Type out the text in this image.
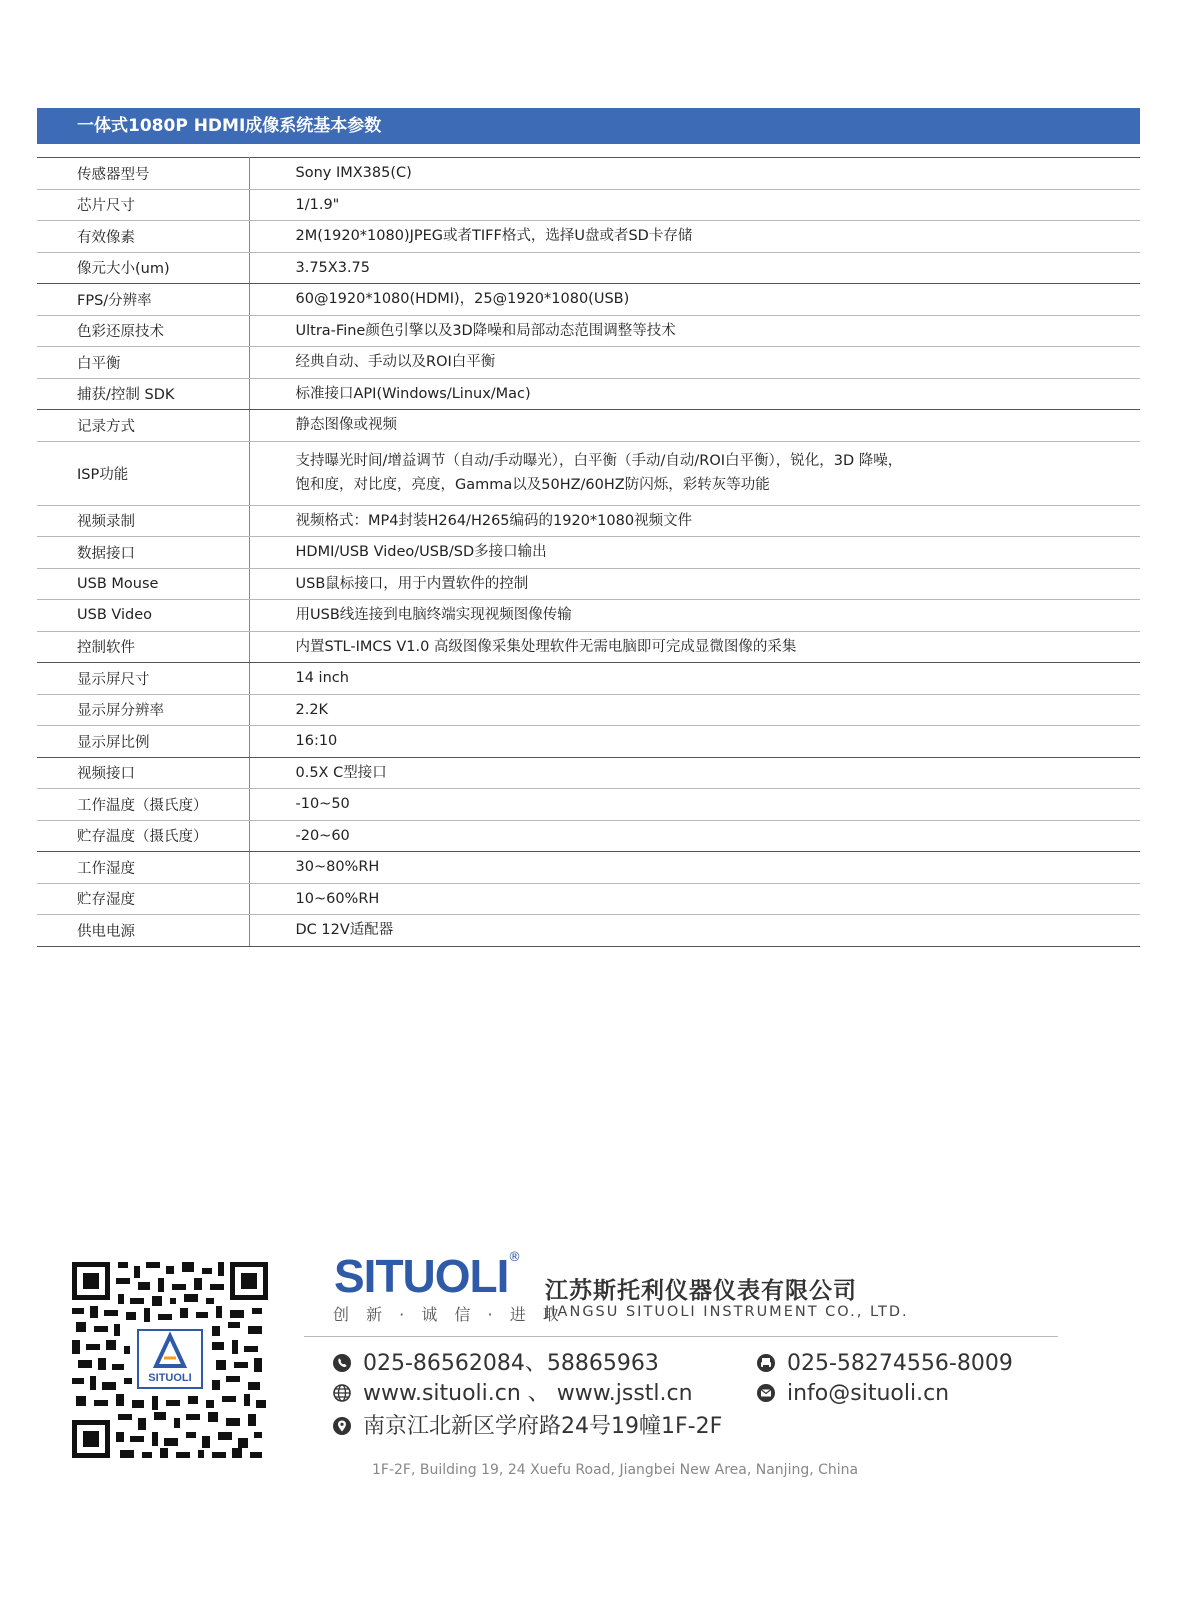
一体式1080P HDMI成像系统基本参数
传感器型号	Sony IMX385(C)
芯片尺寸	1/1.9"
有效像素	2M(1920*1080)JPEG或者TIFF格式，选择U盘或者SD卡存储
像元大小(um)	3.75X3.75
FPS/分辨率	60@1920*1080(HDMI)，25@1920*1080(USB)
色彩还原技术	Ultra-Fine颜色引擎以及3D降噪和局部动态范围调整等技术
白平衡	经典自动、手动以及ROI白平衡
捕获/控制 SDK	标准接口API(Windows/Linux/Mac)
记录方式	静态图像或视频
ISP功能	支持曝光时间/增益调节（自动/手动曝光），白平衡（手动/自动/ROI白平衡），锐化，3D 降噪，
饱和度，对比度，亮度，Gamma以及50HZ/60HZ防闪烁，彩转灰等功能

视频录制	视频格式：MP4封装H264/H265编码的1920*1080视频文件
数据接口	HDMI/USB Video/USB/SD多接口输出
USB Mouse	USB鼠标接口，用于内置软件的控制
USB Video	用USB线连接到电脑终端实现视频图像传输
控制软件	内置STL-IMCS V1.0 高级图像采集处理软件无需电脑即可完成显微图像的采集
显示屏尺寸	14 inch
显示屏分辨率	2.2K
显示屏比例	16:10
视频接口	0.5X C型接口
工作温度（摄氏度）	-10~50
贮存温度（摄氏度）	-20~60
工作湿度	30~80%RH
贮存湿度	10~60%RH
供电电源	DC 12V适配器
SITUOLI
SITUOLI ®
创 新 · 诚 信 · 进 取
江苏斯托利仪器仪表有限公司
JIANGSU SITUOLI INSTRUMENT CO., LTD.
025-86562084、58865963	025-58274556-8009
www.situoli.cn 、 www.jsstl.cn	info@situoli.cn
南京江北新区学府路24号19幢1F-2F
1F-2F, Building 19, 24 Xuefu Road, Jiangbei New Area, Nanjing, China
